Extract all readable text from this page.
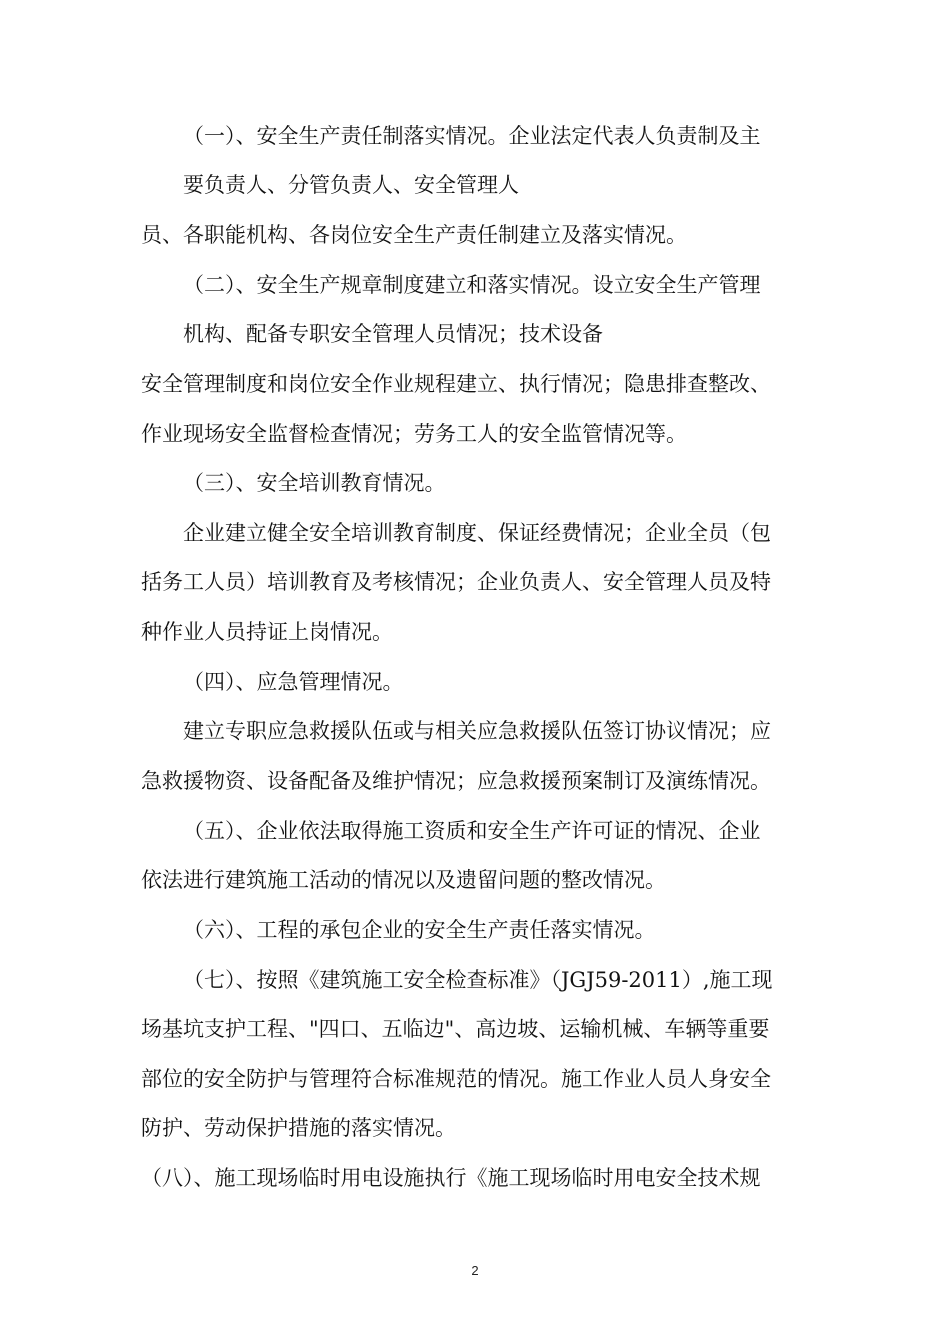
（一）、安全生产责任制落实情况。企业法定代表人负责制及主
要负责人、分管负责人、安全管理人
员、各职能机构、各岗位安全生产责任制建立及落实情况。
（二）、安全生产规章制度建立和落实情况。设立安全生产管理
机构、配备专职安全管理人员情况；技术设备
安全管理制度和岗位安全作业规程建立、执行情况；隐患排查整改、
作业现场安全监督检查情况；劳务工人的安全监管情况等。
（三）、安全培训教育情况。
企业建立健全安全培训教育制度、保证经费情况；企业全员（包
括务工人员）培训教育及考核情况；企业负责人、安全管理人员及特
种作业人员持证上岗情况。
（四）、应急管理情况。
建立专职应急救援队伍或与相关应急救援队伍签订协议情况；应
急救援物资、设备配备及维护情况；应急救援预案制订及演练情况。
（五）、企业依法取得施工资质和安全生产许可证的情况、企业
依法进行建筑施工活动的情况以及遗留问题的整改情况。
（六）、工程的承包企业的安全生产责任落实情况。
（七）、按照《建筑施工安全检查标准》（JGJ59-2011）,施工现
场基坑支护工程、"四口、五临边"、高边坡、运输机械、车辆等重要
部位的安全防护与管理符合标准规范的情况。施工作业人员人身安全
防护、劳动保护措施的落实情况。
（八）、施工现场临时用电设施执行《施工现场临时用电安全技术规
2
